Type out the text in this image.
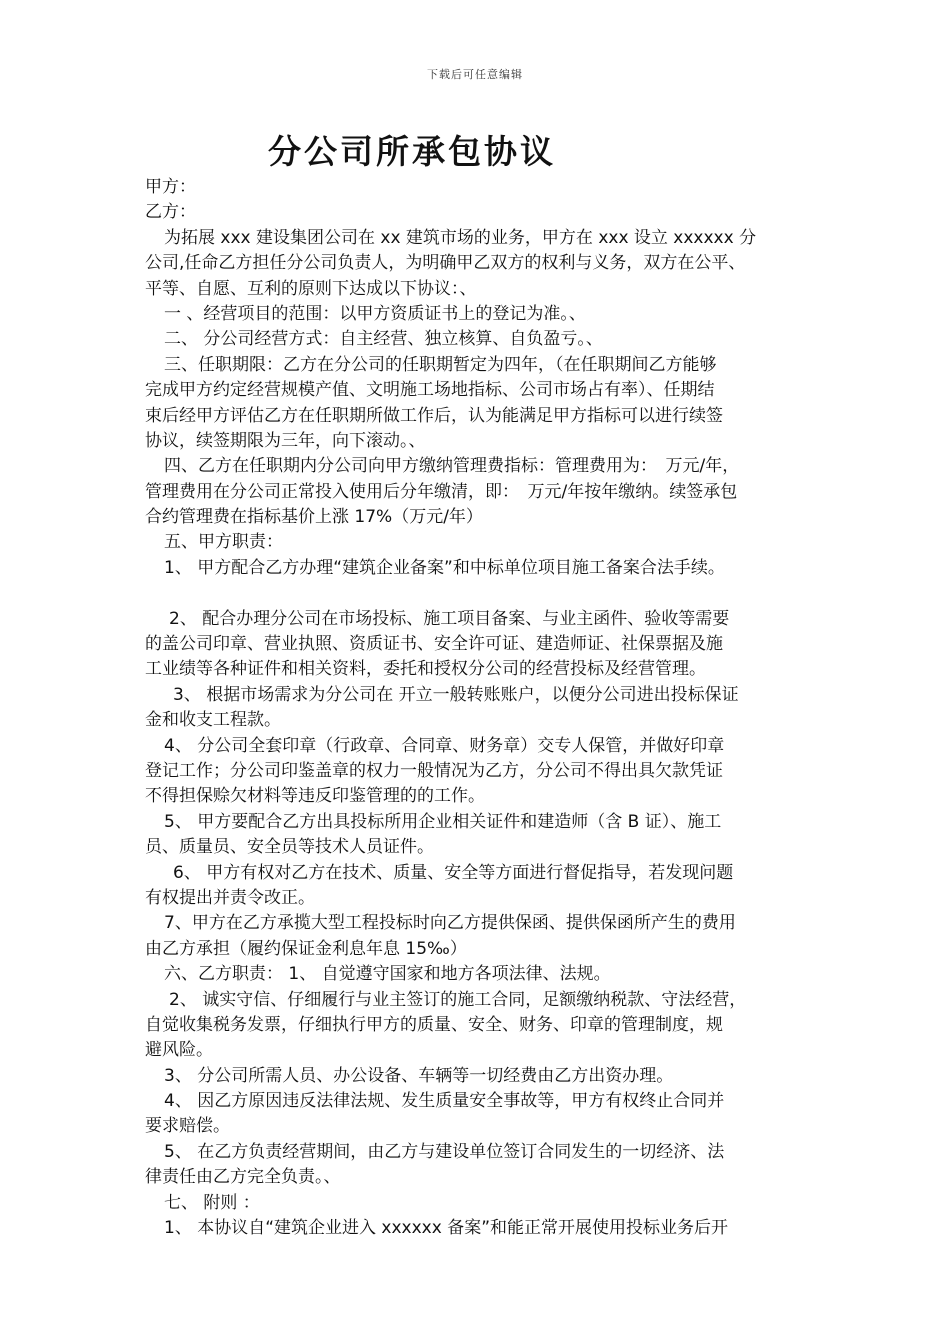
下载后可任意编辑
分公司所承包协议
甲方：
乙方：
为拓展 xxx 建设集团公司在 xx 建筑市场的业务，甲方在 xxx 设立 xxxxxx 分
公司,任命乙方担任分公司负责人，为明确甲乙双方的权利与义务，双方在公平、
平等、自愿、互利的原则下达成以下协议：、
一 、经营项目的范围：以甲方资质证书上的登记为准。、
二、 分公司经营方式：自主经营、独立核算、自负盈亏。、
三、任职期限：乙方在分公司的任职期暂定为四年，（在任职期间乙方能够
完成甲方约定经营规模产值、文明施工场地指标、公司市场占有率）、任期结
束后经甲方评估乙方在任职期所做工作后，认为能满足甲方指标可以进行续签
协议，续签期限为三年，向下滚动。、
四、乙方在任职期内分公司向甲方缴纳管理费指标：管理费用为：　万元/年，
管理费用在分公司正常投入使用后分年缴清，即：　万元/年按年缴纳。续签承包
合约管理费在指标基价上涨 17%（万元/年）
五、甲方职责：
1、 甲方配合乙方办理“建筑企业备案”和中标单位项目施工备案合法手续。
2、 配合办理分公司在市场投标、施工项目备案、与业主函件、验收等需要
的盖公司印章、营业执照、资质证书、安全许可证、建造师证、社保票据及施
工业绩等各种证件和相关资料，委托和授权分公司的经营投标及经营管理。
3、 根据市场需求为分公司在 开立一般转账账户，以便分公司进出投标保证
金和收支工程款。
4、 分公司全套印章（行政章、合同章、财务章）交专人保管，并做好印章
登记工作；分公司印鉴盖章的权力一般情况为乙方，分公司不得出具欠款凭证
不得担保赊欠材料等违反印鉴管理的的工作。
5、 甲方要配合乙方出具投标所用企业相关证件和建造师（含 B 证）、施工
员、质量员、安全员等技术人员证件。
6、 甲方有权对乙方在技术、质量、安全等方面进行督促指导，若发现问题
有权提出并责令改正。
7、甲方在乙方承揽大型工程投标时向乙方提供保函、提供保函所产生的费用
由乙方承担（履约保证金利息年息 15‰）
六、乙方职责： 1、 自觉遵守国家和地方各项法律、法规。
2、 诚实守信、仔细履行与业主签订的施工合同，足额缴纳税款、守法经营，
自觉收集税务发票，仔细执行甲方的质量、安全、财务、印章的管理制度，规
避风险。
3、 分公司所需人员、办公设备、车辆等一切经费由乙方出资办理。
4、 因乙方原因违反法律法规、发生质量安全事故等，甲方有权终止合同并
要求赔偿。
5、 在乙方负责经营期间，由乙方与建设单位签订合同发生的一切经济、法
律责任由乙方完全负责。、
七、 附则 ：
1、 本协议自“建筑企业进入 xxxxxx 备案”和能正常开展使用投标业务后开
